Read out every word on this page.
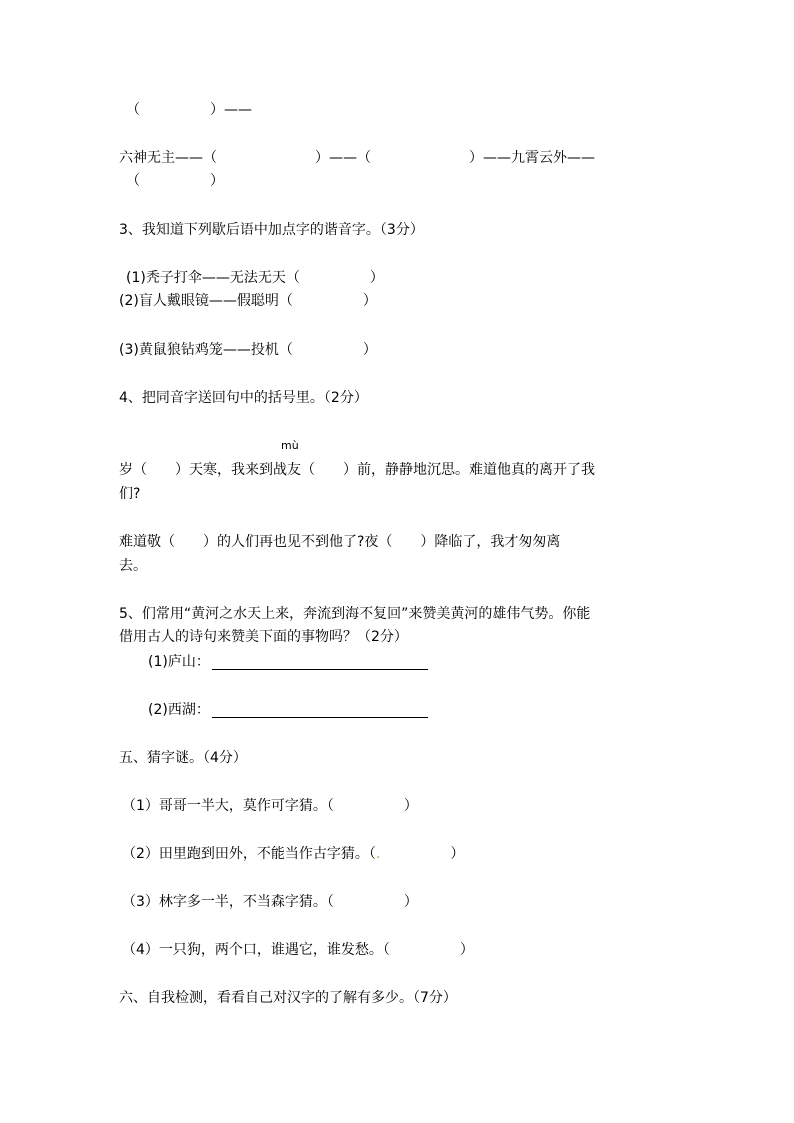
（　　　　　）——
六神无主——（　　　　　　　）——（　　　　　　　）——九霄云外——
（　　　　　）
3、我知道下列歇后语中加点字的谐音字。（3分）
(1)秃子打伞——无法无天（　　　　　）
(2)盲人戴眼镜——假聪明（　　　　　）
(3)黄鼠狼钻鸡笼——投机（　　　　　）
4、把同音字送回句中的括号里。（2分）
mù
岁（　　）天寒，我来到战友（　　）前，静静地沉思。难道他真的离开了我
们?
难道敬（　　）的人们再也见不到他了?夜（　　）降临了，我才匆匆离
去。
5、们常用“黄河之水天上来，奔流到海不复回”来赞美黄河的雄伟气势。你能
借用古人的诗句来赞美下面的事物吗？（2分）
(1)庐山：
(2)西湖：
五、猜字谜。（4分）
（1）哥哥一半大，莫作可字猜。（　　　　　）
（2）田里跑到田外，不能当作古字猜。（.　　　　　）
（3）林字多一半，不当森字猜。（　　　　　）
（4）一只狗，两个口，谁遇它，谁发愁。（　　　　　）
六、自我检测，看看自己对汉字的了解有多少。（7分）
